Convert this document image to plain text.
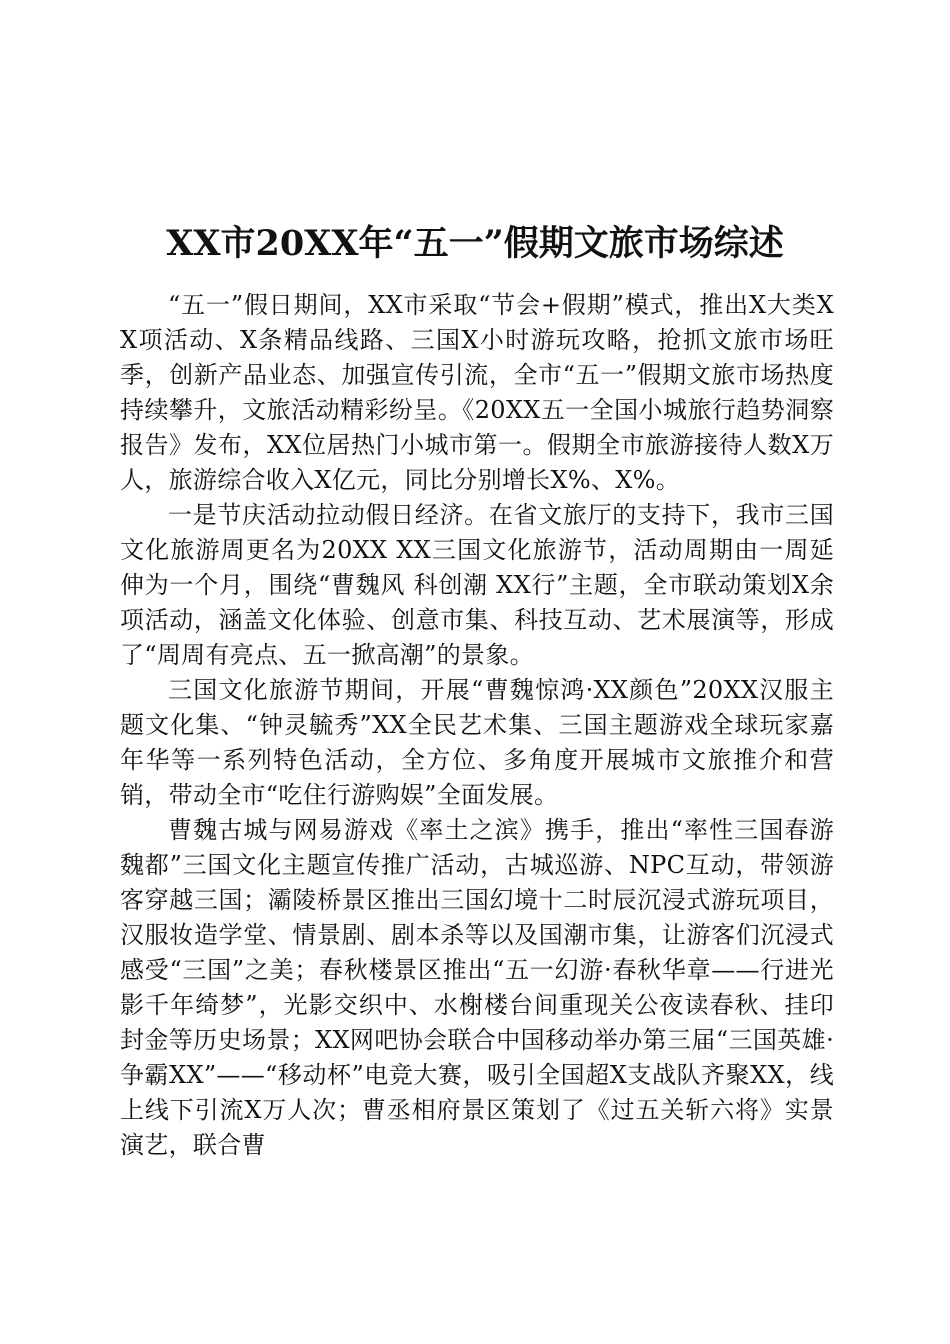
XX市20XX年“五一”假期文旅市场综述

“五一”假日期间，XX市采取“节会+假期”模式，推出X大类XX项活动、X条精品线路、三国X小时游玩攻略，抢抓文旅市场旺季，创新产品业态、加强宣传引流，全市“五一”假期文旅市场热度持续攀升，文旅活动精彩纷呈。《20XX五一全国小城旅行趋势洞察报告》发布，XX位居热门小城市第一。假期全市旅游接待人数X万人，旅游综合收入X亿元，同比分别增长X%、X%。

一是节庆活动拉动假日经济。在省文旅厅的支持下，我市三国文化旅游周更名为20XX XX三国文化旅游节，活动周期由一周延伸为一个月，围绕“曹魏风 科创潮 XX行”主题，全市联动策划X余项活动，涵盖文化体验、创意市集、科技互动、艺术展演等，形成了“周周有亮点、五一掀高潮”的景象。

三国文化旅游节期间，开展“曹魏惊鸿·XX颜色”20XX汉服主题文化集、“钟灵毓秀”XX全民艺术集、三国主题游戏全球玩家嘉年华等一系列特色活动，全方位、多角度开展城市文旅推介和营销，带动全市“吃住行游购娱”全面发展。

曹魏古城与网易游戏《率土之滨》携手，推出“率性三国春游魏都”三国文化主题宣传推广活动，古城巡游、NPC互动，带领游客穿越三国；灞陵桥景区推出三国幻境十二时辰沉浸式游玩项目，汉服妆造学堂、情景剧、剧本杀等以及国潮市集，让游客们沉浸式感受“三国”之美；春秋楼景区推出“五一幻游·春秋华章——行进光影千年绮梦”，光影交织中、水榭楼台间重现关公夜读春秋、挂印封金等历史场景；XX网吧协会联合中国移动举办第三届“三国英雄·争霸XX”——“移动杯”电竞大赛，吸引全国超X支战队齐聚XX，线上线下引流X万人次；曹丞相府景区策划了《过五关斩六将》实景演艺，联合曹
